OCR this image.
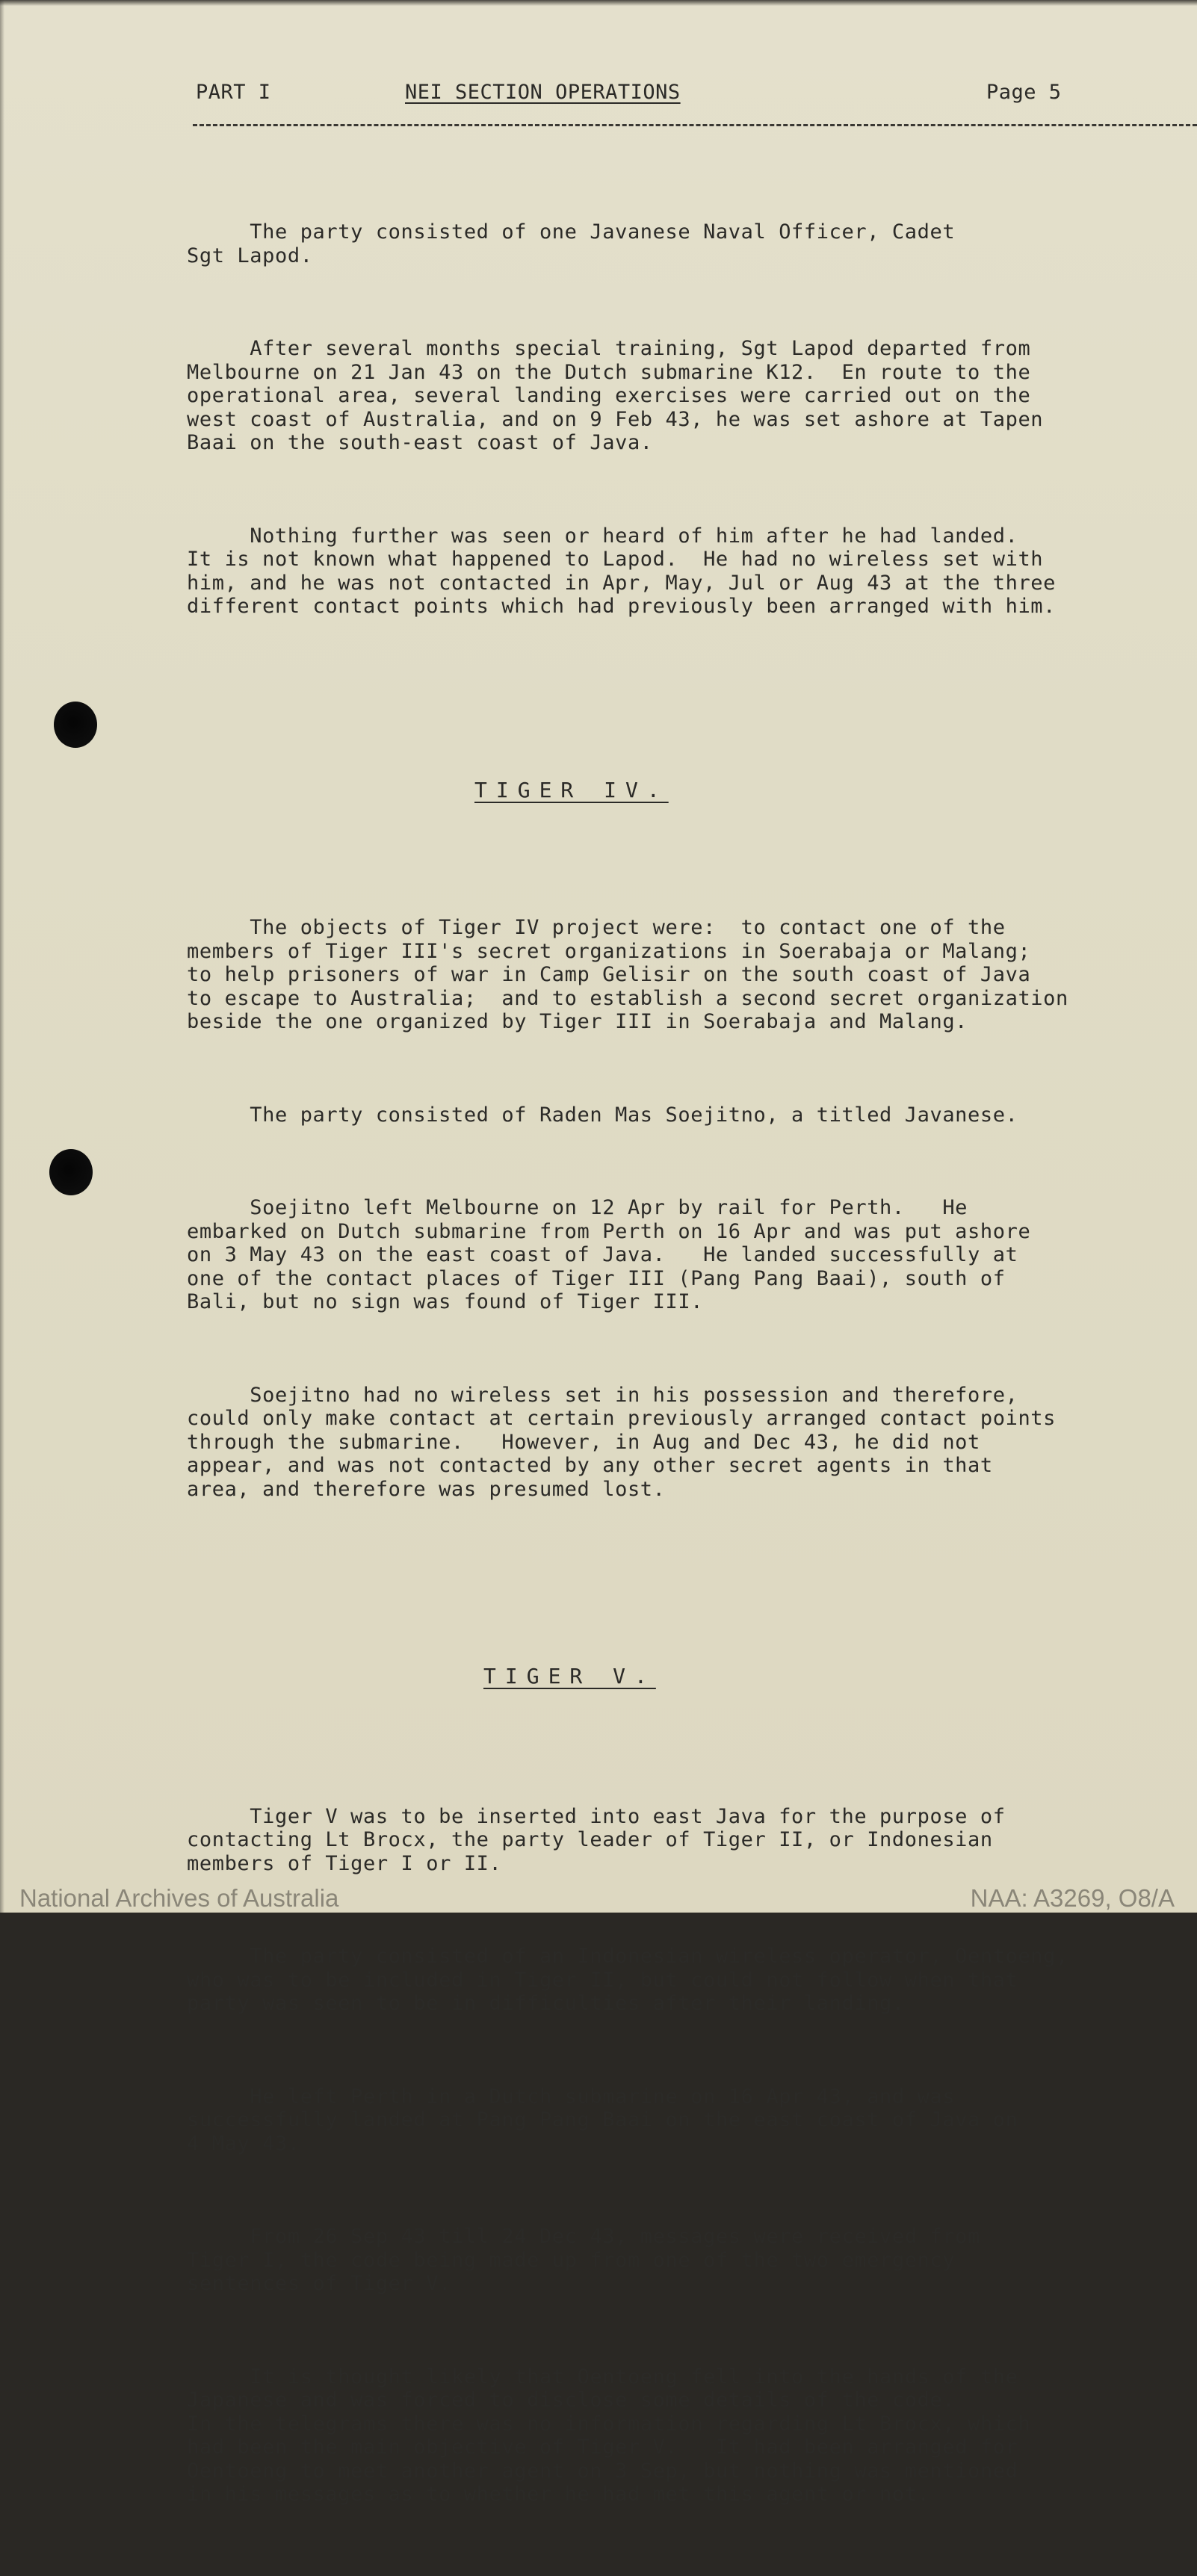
PART I	NEI SECTION OPERATIONS	Page 5

The party consisted of one Javanese Naval Officer, Cadet
Sgt Lapod.

After several months special training, Sgt Lapod departed from
Melbourne on 21 Jan 43 on the Dutch submarine K12.  En route to the
operational area, several landing exercises were carried out on the
west coast of Australia, and on 9 Feb 43, he was set ashore at Tapen
Baai on the south-east coast of Java.

Nothing further was seen or heard of him after he had landed.
It is not known what happened to Lapod.  He had no wireless set with
him, and he was not contacted in Apr, May, Jul or Aug 43 at the three
different contact points which had previously been arranged with him.

TIGER IV.

The objects of Tiger IV project were:  to contact one of the
members of Tiger III's secret organizations in Soerabaja or Malang;
to help prisoners of war in Camp Gelisir on the south coast of Java
to escape to Australia;  and to establish a second secret organization
beside the one organized by Tiger III in Soerabaja and Malang.

The party consisted of Raden Mas Soejitno, a titled Javanese.

Soejitno left Melbourne on 12 Apr by rail for Perth.   He
embarked on Dutch submarine from Perth on 16 Apr and was put ashore
on 3 May 43 on the east coast of Java.   He landed successfully at
one of the contact places of Tiger III (Pang Pang Baai), south of
Bali, but no sign was found of Tiger III.

Soejitno had no wireless set in his possession and therefore,
could only make contact at certain previously arranged contact points
through the submarine.   However, in Aug and Dec 43, he did not
appear, and was not contacted by any other secret agents in that
area, and therefore was presumed lost.

TIGER V.

Tiger V was to be inserted into east Java for the purpose of
contacting Lt Brocx, the party leader of Tiger II, or Indonesian
members of Tiger I or II.

The party consisted of an Indonesian wireless operator, Oentoeng,
who was to be included in Tiger II, but could not follow when that
party was seen to be in difficulties after their landing.

He left Perth in a Dutch submarine on 16 Apr 43, and was
successfully landed at Pang Pang Baai on the east coast of Java on
4 May 43.

From 26 Sep 43 till 24 Dec 43, messages were received from
Tiger I, the code being made up from one of the two emergency
sentences of Tiger V.

It is thought likely that Oentoeng fell into the hands of the
Japanese and was forced to disclose some details of the code.
In the telegrams there was no information regarding Lt Brocx, which
had been the main objective of Tiger V.   It had been arranged for
Oentoeng to meet another agent on 3 Sep, but nothing was mentioned
in his messages as to whether he had met this agent or not.

National Archives of Australia	NAA: A3269, O8/A
